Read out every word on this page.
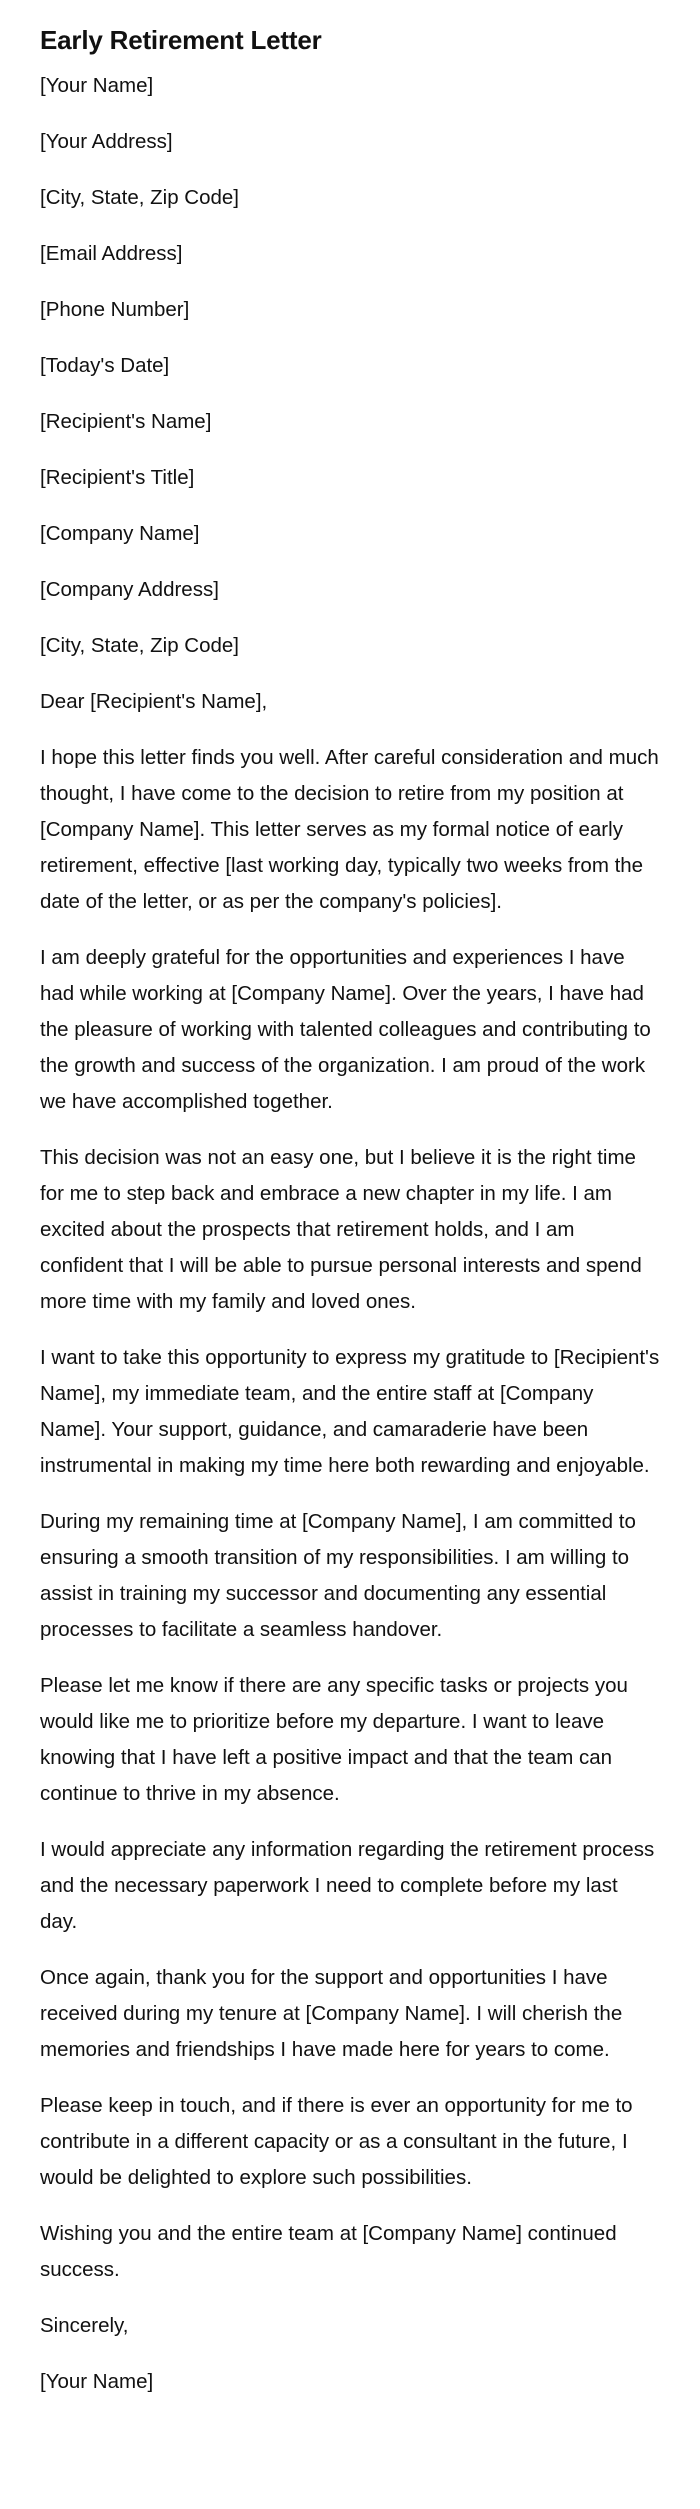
Early Retirement Letter
[Your Name]
[Your Address]
[City, State, Zip Code]
[Email Address]
[Phone Number]
[Today's Date]
[Recipient's Name]
[Recipient's Title]
[Company Name]
[Company Address]
[City, State, Zip Code]
Dear [Recipient's Name],

I hope this letter finds you well. After careful consideration and much thought, I have come to the decision to retire from my position at [Company Name]. This letter serves as my formal notice of early retirement, effective [last working day, typically two weeks from the date of the letter, or as per the company's policies].

I am deeply grateful for the opportunities and experiences I have had while working at [Company Name]. Over the years, I have had the pleasure of working with talented colleagues and contributing to the growth and success of the organization. I am proud of the work we have accomplished together.

This decision was not an easy one, but I believe it is the right time for me to step back and embrace a new chapter in my life. I am excited about the prospects that retirement holds, and I am confident that I will be able to pursue personal interests and spend more time with my family and loved ones.

I want to take this opportunity to express my gratitude to [Recipient's Name], my immediate team, and the entire staff at [Company Name]. Your support, guidance, and camaraderie have been instrumental in making my time here both rewarding and enjoyable.

During my remaining time at [Company Name], I am committed to ensuring a smooth transition of my responsibilities. I am willing to assist in training my successor and documenting any essential processes to facilitate a seamless handover.

Please let me know if there are any specific tasks or projects you would like me to prioritize before my departure. I want to leave knowing that I have left a positive impact and that the team can continue to thrive in my absence.

I would appreciate any information regarding the retirement process and the necessary paperwork I need to complete before my last day.

Once again, thank you for the support and opportunities I have received during my tenure at [Company Name]. I will cherish the memories and friendships I have made here for years to come.

Please keep in touch, and if there is ever an opportunity for me to contribute in a different capacity or as a consultant in the future, I would be delighted to explore such possibilities.

Wishing you and the entire team at [Company Name] continued success.

Sincerely,
[Your Name]
